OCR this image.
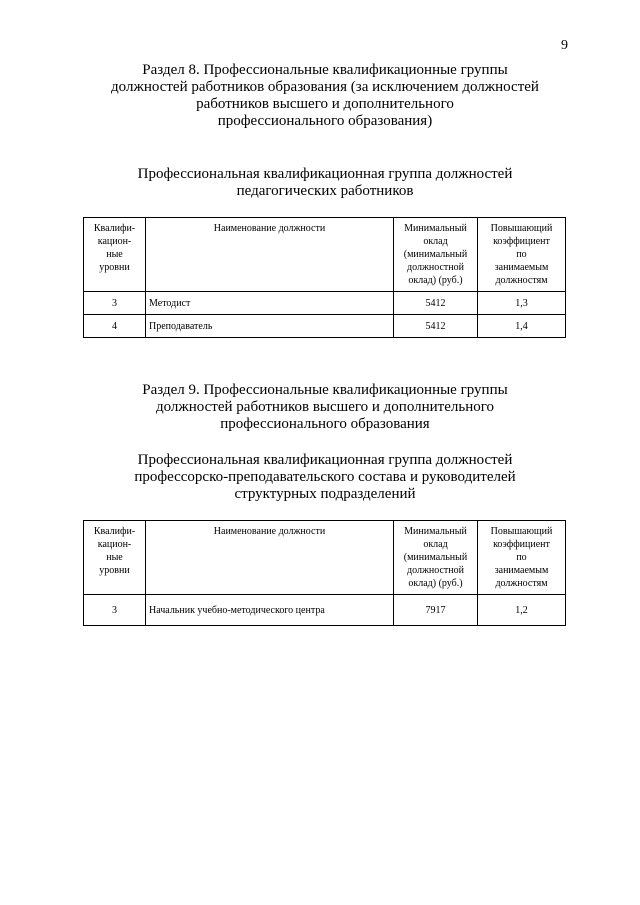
9
Раздел 8. Профессиональные квалификационные группы
должностей работников образования (за исключением должностей
работников высшего и дополнительного
профессионального образования)
Профессиональная квалификационная группа должностей
педагогических работников
Квалифи-
кацион-
ные
уровни	Наименование должности	Минимальный
оклад
(минимальный
должностной
оклад) (руб.)	Повышающий
коэффициент
по
занимаемым
должностям

3	Методист	5412	1,3
4	Преподаватель	5412	1,4
Раздел 9. Профессиональные квалификационные группы
должностей работников высшего и дополнительного
профессионального образования
Профессиональная квалификационная группа должностей
профессорско-преподавательского состава и руководителей
структурных подразделений
Квалифи-
кацион-
ные
уровни	Наименование должности	Минимальный
оклад
(минимальный
должностной
оклад) (руб.)	Повышающий
коэффициент
по
занимаемым
должностям

3	Начальник учебно-методического центра	7917	1,2
